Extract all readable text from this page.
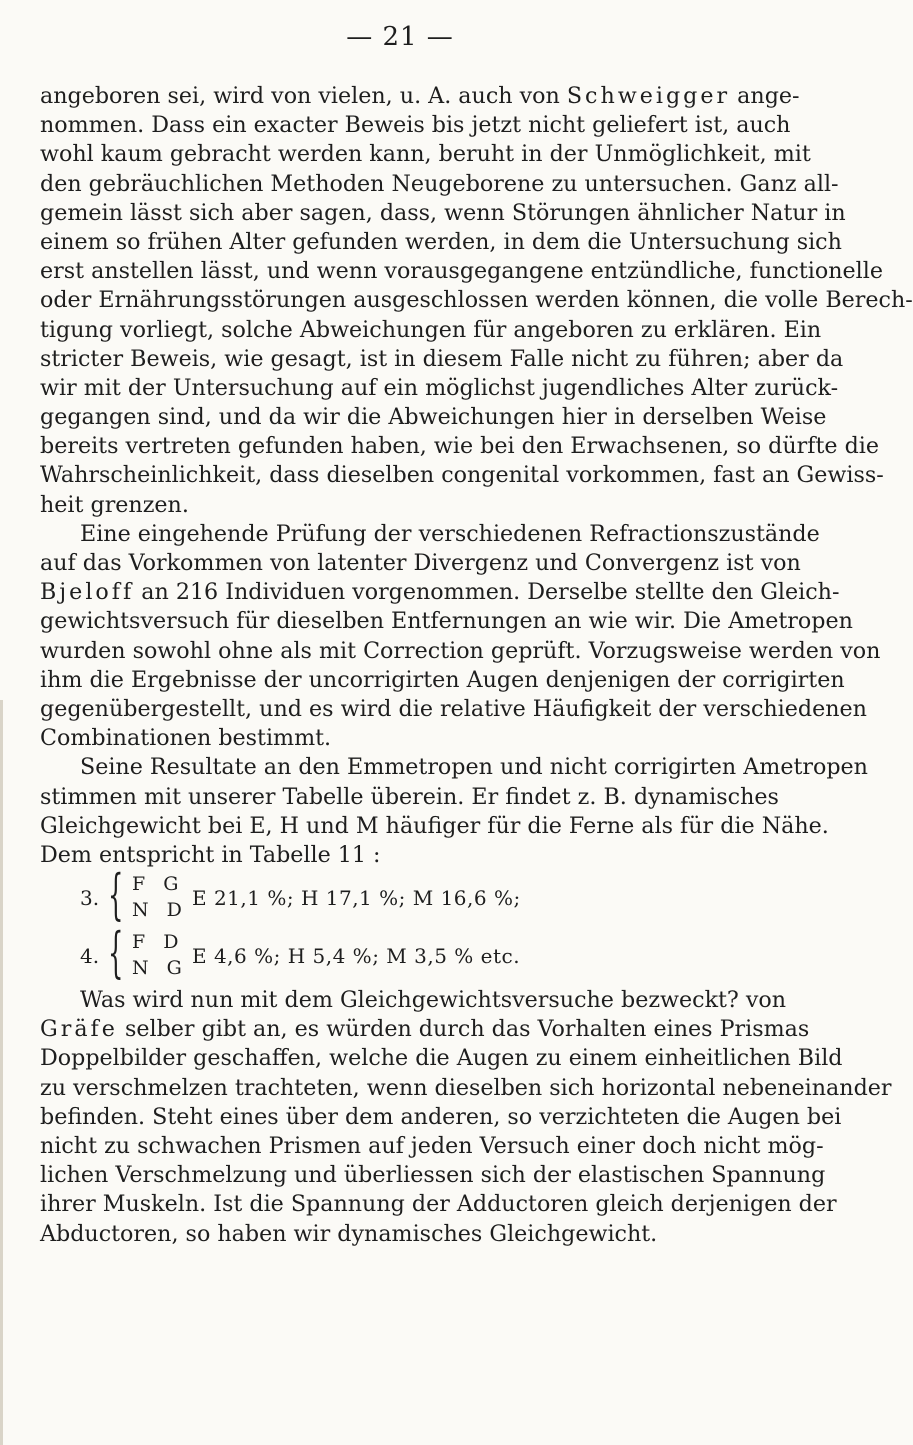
— 21 —
angeboren sei, wird von vielen, u. A. auch von Schweigger ange-
nommen. Dass ein exacter Beweis bis jetzt nicht geliefert ist, auch
wohl kaum gebracht werden kann, beruht in der Unmöglichkeit, mit
den gebräuchlichen Methoden Neugeborene zu untersuchen. Ganz all-
gemein lässt sich aber sagen, dass, wenn Störungen ähnlicher Natur in
einem so frühen Alter gefunden werden, in dem die Untersuchung sich
erst anstellen lässt, und wenn vorausgegangene entzündliche, functionelle
oder Ernährungsstörungen ausgeschlossen werden können, die volle Berech-
tigung vorliegt, solche Abweichungen für angeboren zu erklären. Ein
stricter Beweis, wie gesagt, ist in diesem Falle nicht zu führen; aber da
wir mit der Untersuchung auf ein möglichst jugendliches Alter zurück-
gegangen sind, und da wir die Abweichungen hier in derselben Weise
bereits vertreten gefunden haben, wie bei den Erwachsenen, so dürfte die
Wahrscheinlichkeit, dass dieselben congenital vorkommen, fast an Gewiss-
heit grenzen.
Eine eingehende Prüfung der verschiedenen Refractionszustände
auf das Vorkommen von latenter Divergenz und Convergenz ist von
Bjeloff an 216 Individuen vorgenommen. Derselbe stellte den Gleich-
gewichtsversuch für dieselben Entfernungen an wie wir. Die Ametropen
wurden sowohl ohne als mit Correction geprüft. Vorzugsweise werden von
ihm die Ergebnisse der uncorrigirten Augen denjenigen der corrigirten
gegenübergestellt, und es wird die relative Häufigkeit der verschiedenen
Combinationen bestimmt.
Seine Resultate an den Emmetropen und nicht corrigirten Ametropen
stimmen mit unserer Tabelle überein. Er findet z. B. dynamisches
Gleichgewicht bei E, H und M häufiger für die Ferne als für die Nähe.
Dem entspricht in Tabelle 11 :
3. { F G
N D E 21,1 %; H 17,1 %; M 16,6 %;
4. { F D
N G E 4,6 %; H 5,4 %; M 3,5 % etc.
Was wird nun mit dem Gleichgewichtsversuche bezweckt? von
Gräfe selber gibt an, es würden durch das Vorhalten eines Prismas
Doppelbilder geschaffen, welche die Augen zu einem einheitlichen Bild
zu verschmelzen trachteten, wenn dieselben sich horizontal nebeneinander
befinden. Steht eines über dem anderen, so verzichteten die Augen bei
nicht zu schwachen Prismen auf jeden Versuch einer doch nicht mög-
lichen Verschmelzung und überliessen sich der elastischen Spannung
ihrer Muskeln. Ist die Spannung der Adductoren gleich derjenigen der
Abductoren, so haben wir dynamisches Gleichgewicht.
